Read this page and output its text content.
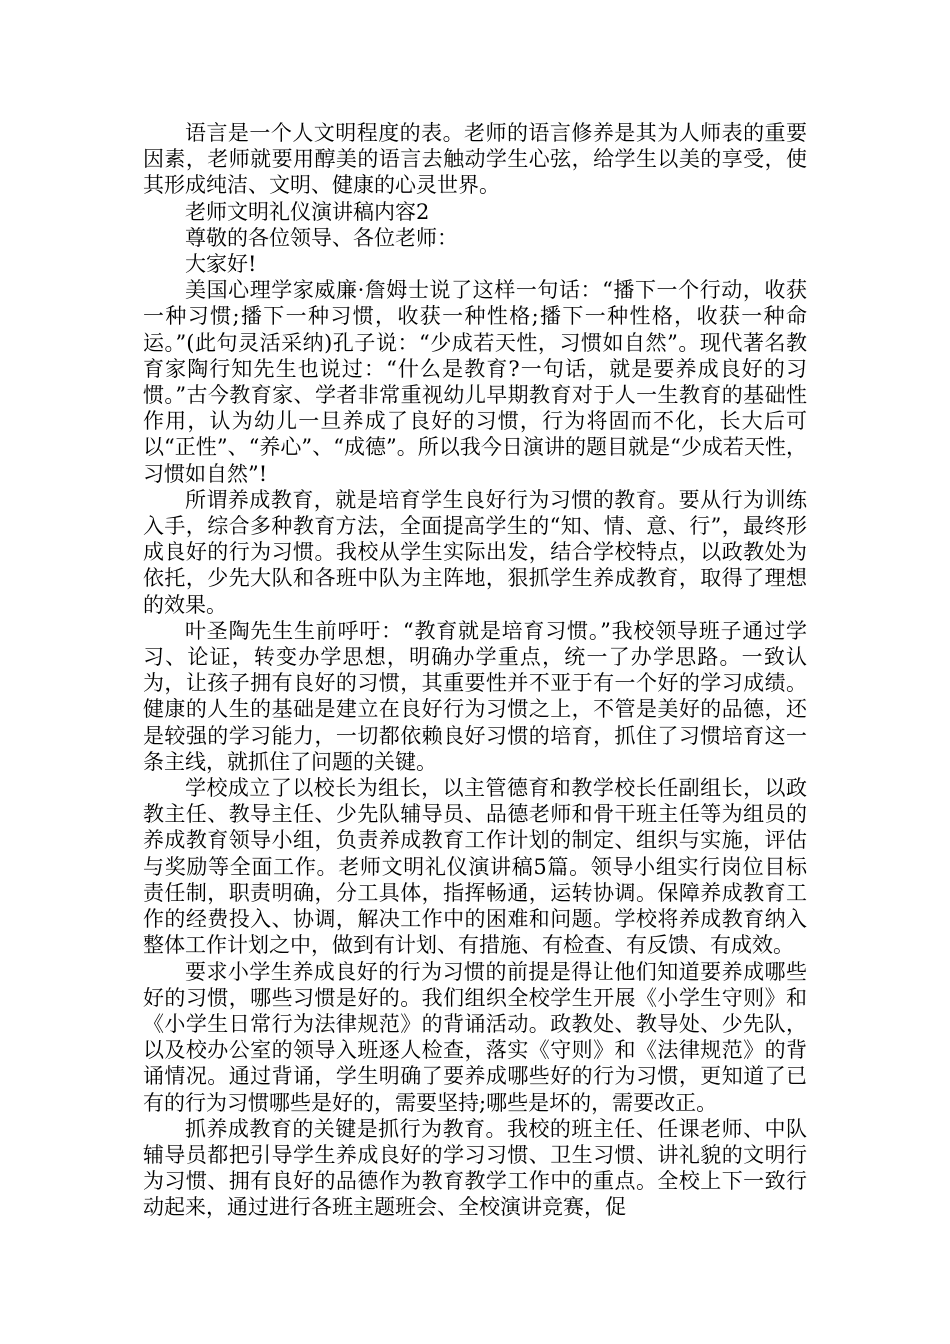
语言是一个人文明程度的表。老师的语言修养是其为人师表的重要因素，老师就要用醇美的语言去触动学生心弦，给学生以美的享受，使其形成纯洁、文明、健康的心灵世界。

老师文明礼仪演讲稿内容2

尊敬的各位领导、各位老师：

大家好!

美国心理学家威廉·詹姆士说了这样一句话：“播下一个行动，收获一种习惯;播下一种习惯，收获一种性格;播下一种性格，收获一种命运。”(此句灵活采纳)孔子说：“少成若天性，习惯如自然”。现代著名教育家陶行知先生也说过：“什么是教育?一句话，就是要养成良好的习惯。”古今教育家、学者非常重视幼儿早期教育对于人一生教育的基础性作用，认为幼儿一旦养成了良好的习惯，行为将固而不化，长大后可以“正性”、“养心”、“成德”。所以我今日演讲的题目就是“少成若天性，习惯如自然”!

所谓养成教育，就是培育学生良好行为习惯的教育。要从行为训练入手，综合多种教育方法，全面提高学生的“知、情、意、行”，最终形成良好的行为习惯。我校从学生实际出发，结合学校特点，以政教处为依托，少先大队和各班中队为主阵地，狠抓学生养成教育，取得了理想的效果。

叶圣陶先生生前呼吁：“教育就是培育习惯。”我校领导班子通过学习、论证，转变办学思想，明确办学重点，统一了办学思路。一致认为，让孩子拥有良好的习惯，其重要性并不亚于有一个好的学习成绩。健康的人生的基础是建立在良好行为习惯之上，不管是美好的品德，还是较强的学习能力，一切都依赖良好习惯的培育，抓住了习惯培育这一条主线，就抓住了问题的关键。

学校成立了以校长为组长，以主管德育和教学校长任副组长，以政教主任、教导主任、少先队辅导员、品德老师和骨干班主任等为组员的养成教育领导小组，负责养成教育工作计划的制定、组织与实施，评估与奖励等全面工作。老师文明礼仪演讲稿5篇。领导小组实行岗位目标责任制，职责明确，分工具体，指挥畅通，运转协调。保障养成教育工作的经费投入、协调，解决工作中的困难和问题。学校将养成教育纳入整体工作计划之中，做到有计划、有措施、有检查、有反馈、有成效。

要求小学生养成良好的行为习惯的前提是得让他们知道要养成哪些好的习惯，哪些习惯是好的。我们组织全校学生开展《小学生守则》和《小学生日常行为法律规范》的背诵活动。政教处、教导处、少先队，以及校办公室的领导入班逐人检查，落实《守则》和《法律规范》的背诵情况。通过背诵，学生明确了要养成哪些好的行为习惯，更知道了已有的行为习惯哪些是好的，需要坚持;哪些是坏的，需要改正。

抓养成教育的关键是抓行为教育。我校的班主任、任课老师、中队辅导员都把引导学生养成良好的学习习惯、卫生习惯、讲礼貌的文明行为习惯、拥有良好的品德作为教育教学工作中的重点。全校上下一致行动起来，通过进行各班主题班会、全校演讲竞赛，促
